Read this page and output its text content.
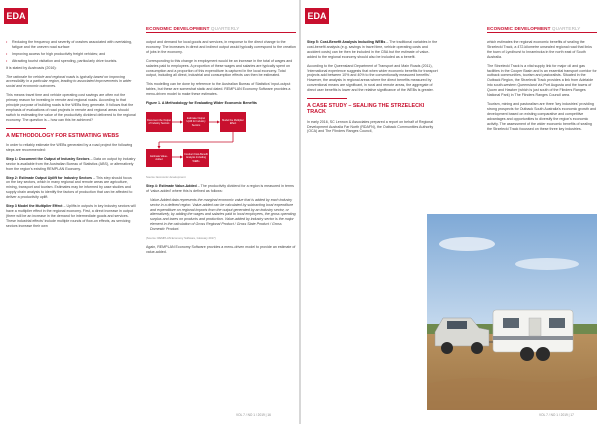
EDA
ECONOMIC DEVELOPMENT QUARTERLY

• Reducing the frequency and severity of crashes associated with overtaking, fatigue and the uneven road surface

• Improving access for high productivity freight vehicles; and

• Attracting tourist visitation and spending, particularly drive tourists.

It is stated by Austroads (2016):

The rationale for vehicle and regional roads is typically based on improving accessibility in a particular region, leading to associated improvements in wider social and economic outcomes.

This means travel time and vehicle operating cost savings are often not the primary reason for investing in remote and regional roads. According to that principle purpose of building roads is the WEBs they generate. It follows that the emphasis of evaluations of road projects in remote and regional areas should switch to estimating the value of the productivity dividend delivered to the regional economy. The question is – how can this be achieved?

A METHODOLOGY FOR ESTIMATING WEBS

In order to reliably estimate the WEBs generated by a road project the following steps are recommended:

Step 1: Document the Output of Industry Sectors – Data on output by industry sector is available from the Australian Bureau of Statistics (ABS), or alternatively from the region's existing REMPLAN Economy.

Step 2: Estimate Output Uplift for Industry Sectors – This step should focus on the key sectors, which in many regional and remote areas are agriculture, mining, transport and tourism. Estimates may be informed by case studies and supply chain analysis to identify the factors of production that can be affected to deliver a productivity uplift.

Step 3 Model the Multiplier Effect – Uplifts in outputs in key industry sectors will have a multiplier effect in the regional economy. First, a direct increase in output (there will be an increase in the demand for intermediate goods and services. These industrial effects' include multiple rounds of flow-on effects, as servicing sectors increase their own

output and demand for local goods and services, in response to the direct change to the economy. The increases in direct and indirect output would typically correspond to the creation of jobs in the economy.

Corresponding to this change in employment would be an increase in the total of wages and salaries paid to employees. A proportion of these wages and salaries are typically spent on consumption and a proportion of this expenditure is captured in the local economy. Total output, including all direct, industrial and consumption effects can then be estimated.

This modelling can be done by reference to the Australian Bureau of Statistics' input-output tables, but these are somewhat static and dated. REMPLAN Economy Software provides a menu-driven model to make these estimates.

Figure 1. A Methodology for Evaluating Wider Economic Benefits

Document the Output of Industry Sectors
Estimate Output Uplift for Industry Sectors
Model the Multiplier Effect
Estimate Value-Added
Conduct Cost-Benefit Analysis Including WEBs

Source: Economic development

Step 4: Estimate Value-Added – The productivity dividend for a region is measured in terms of 'value-added' where this is defined as follows:

Value-Added data represents the marginal economic value that is added by each industry sector in a defined region. Value-added can be calculated by subtracting local expenditure and expenditure on regional imports from the output generated by an industry sector, or alternatively, by adding the wages and salaries paid to local employees, the gross operating surplus and taxes on products and production. Value-added by industry sector is the major element in the calculation of Gross Regional Product / Gross State Product / Gross Domestic Product.

(Source: REMPLAN Economy Software, Glossary 2017)

Again, REMPLAN Economy Software provides a menu-driven model to provide an estimate of value-added.

VOL 7 / NO 1 / 2019 | 16
EDA
ECONOMIC DEVELOPMENT QUARTERLY

Step 5: Cost-Benefit Analysis Including WEBs – The traditional variables in the cost-benefit analysis (e.g. savings in travel time, vehicle operating costs and accident costs) can be then be included in the CBA but the estimate of value-added to the regional economy should also be included as a benefit.

According to the Queensland Department of Transport and Main Roads (2011), 'international experience suggests that when wider economic benefits for transport projects add between 10% and 40% to the conventionally measured benefits'. However, the analysis in regional areas where the direct benefits measured by conventional means are significant, in rural and remote areas, the aggregate of direct user benefits is lower and the relative significance of the WEBs is greater.

A CASE STUDY – SEALING THE STRZELECKI TRACK

In early 2016, SC Lennon & Associates prepared a report on behalf of Regional Development Australia Far North (RDAFN), the Outback Communities Authority (OCA) and The Flinders Ranges Council,

which estimates the regional economic benefits of sealing the Strzelecki Track, a 472-kilometre unsealed regional road that links the town of Lyndhurst to Innamincka in the north east of South Australia.

The Strzelecki Track is a vital supply link for major oil and gas facilities in the Cooper Basin and is an essential transport corridor for outback communities, tourism and pastoralists. Situated in the Outback Region, the Strzelecki Track provides a link from Adelaide into south-western Queensland via Port Augusta and the towns of Quorn and Hawker (which is just south of the Flinders Ranges National Park) in The Flinders Ranges Council area.

Tourism, mining and pastoralism are three 'key industries' providing strong prospects for Outback South Australia's economic growth and development based on existing comparative and competitive advantages and opportunities to diversify the region's economic activity. The assessment of the wider economic benefits of sealing the Strzelecki Track focussed on these three key industries.

VOL 7 / NO 1 / 2019 | 17
